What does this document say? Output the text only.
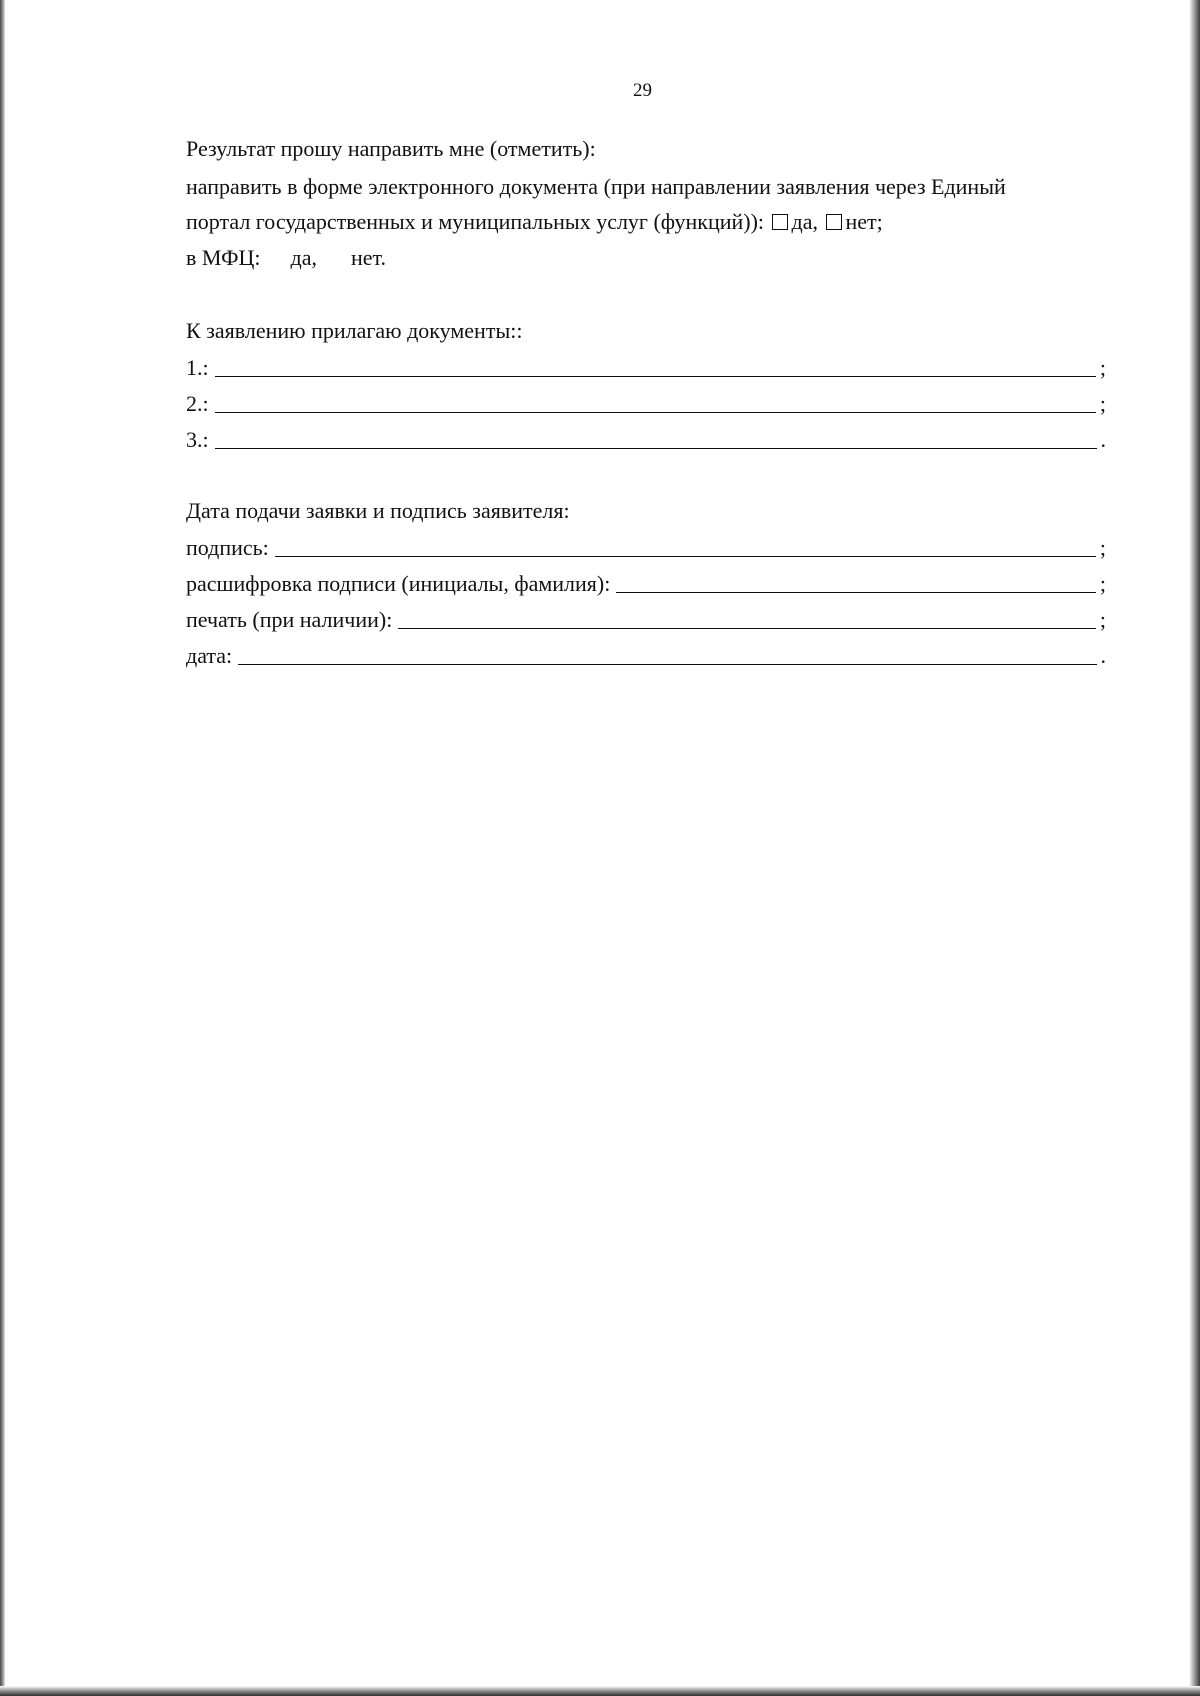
29
Результат прошу направить мне (отметить):
направить в форме электронного документа (при направлении заявления через Единый
портал государственных и муниципальных услуг (функций)): да, нет;
в МФЦ: да, нет.
К заявлению прилагаю документы::
1.:	;
2.:	;
3.:	.
Дата подачи заявки и подпись заявителя:
подпись:	;
расшифровка подписи (инициалы, фамилия):	;
печать (при наличии):	;
дата:	.
